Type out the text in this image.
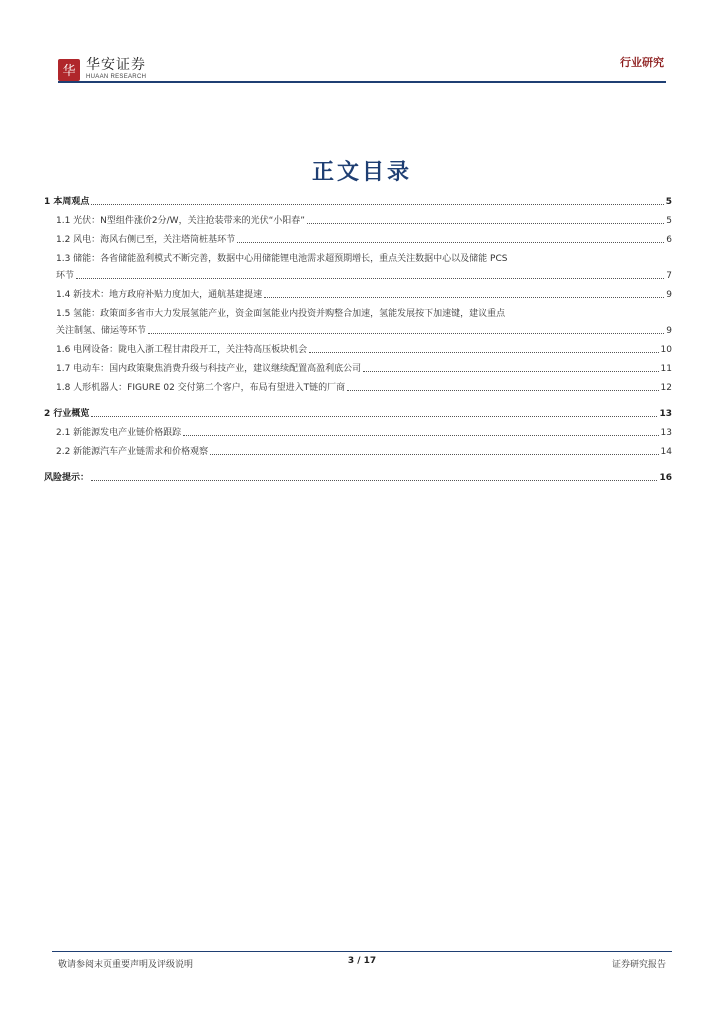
华 华安证券
HUAAN RESEARCH
行业研究
正文目录
1 本周观点	5
1.1 光伏：N型组件涨价2分/W，关注抢装带来的光伏“小阳春”	5
1.2 风电：海风右侧已至，关注塔筒桩基环节	6
1.3 储能：各省储能盈利模式不断完善，数据中心用储能锂电池需求超预期增长，重点关注数据中心以及储能 PCS
环节	7
1.4 新技术：地方政府补贴力度加大，通航基建提速	9
1.5 氢能：政策面多省市大力发展氢能产业，资金面氢能业内投资并购整合加速，氢能发展按下加速键，建议重点
关注制氢、储运等环节	9
1.6 电网设备：陇电入浙工程甘肃段开工，关注特高压板块机会	10
1.7 电动车：国内政策聚焦消费升级与科技产业，建议继续配置高盈利底公司	11
1.8 人形机器人：FIGURE 02 交付第二个客户，布局有望进入T链的厂商	12
2 行业概览	13
2.1 新能源发电产业链价格跟踪	13
2.2 新能源汽车产业链需求和价格观察	14
风险提示：	16
敬请参阅末页重要声明及评级说明	3 / 17	证券研究报告
